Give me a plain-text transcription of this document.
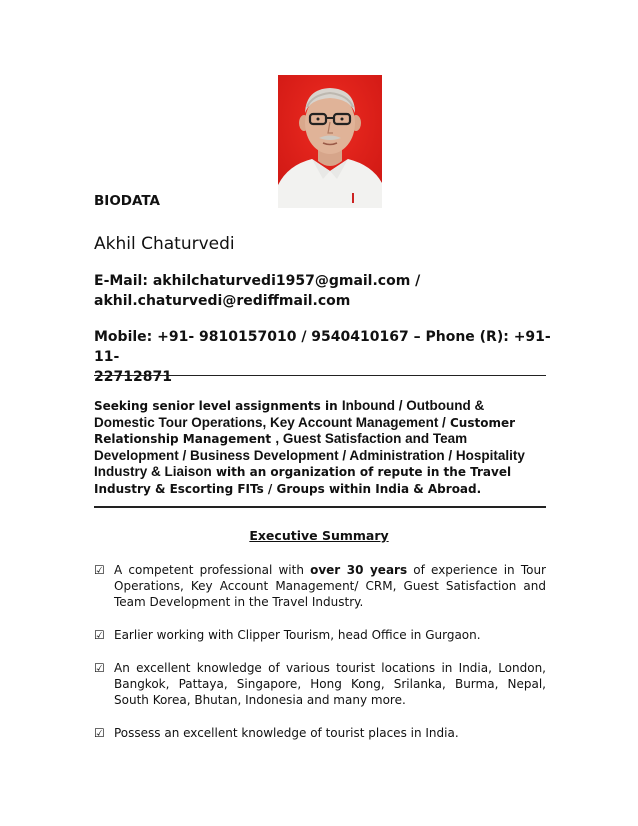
BIODATA
Akhil Chaturvedi
E-Mail: akhilchaturvedi1957@gmail.com /
akhil.chaturvedi@rediffmail.com
Mobile: +91- 9810157010 / 9540410167 – Phone (R): +91-11-
22712871
Seeking senior level assignments in Inbound / Outbound & Domestic Tour Operations, Key Account Management / Customer Relationship Management , Guest Satisfaction and Team Development / Business Development / Administration / Hospitality Industry & Liaison with an organization of repute in the Travel Industry & Escorting FITs / Groups within India & Abroad.
Executive Summary
☑ A competent professional with over 30 years of experience in Tour Operations, Key Account Management/ CRM, Guest Satisfaction and Team Development in the Travel Industry.
☑ Earlier working with Clipper Tourism, head Office in Gurgaon.
☑ An excellent knowledge of various tourist locations in India, London, Bangkok, Pattaya, Singapore, Hong Kong, Srilanka, Burma, Nepal, South Korea, Bhutan, Indonesia and many more.
☑ Possess an excellent knowledge of tourist places in India.
